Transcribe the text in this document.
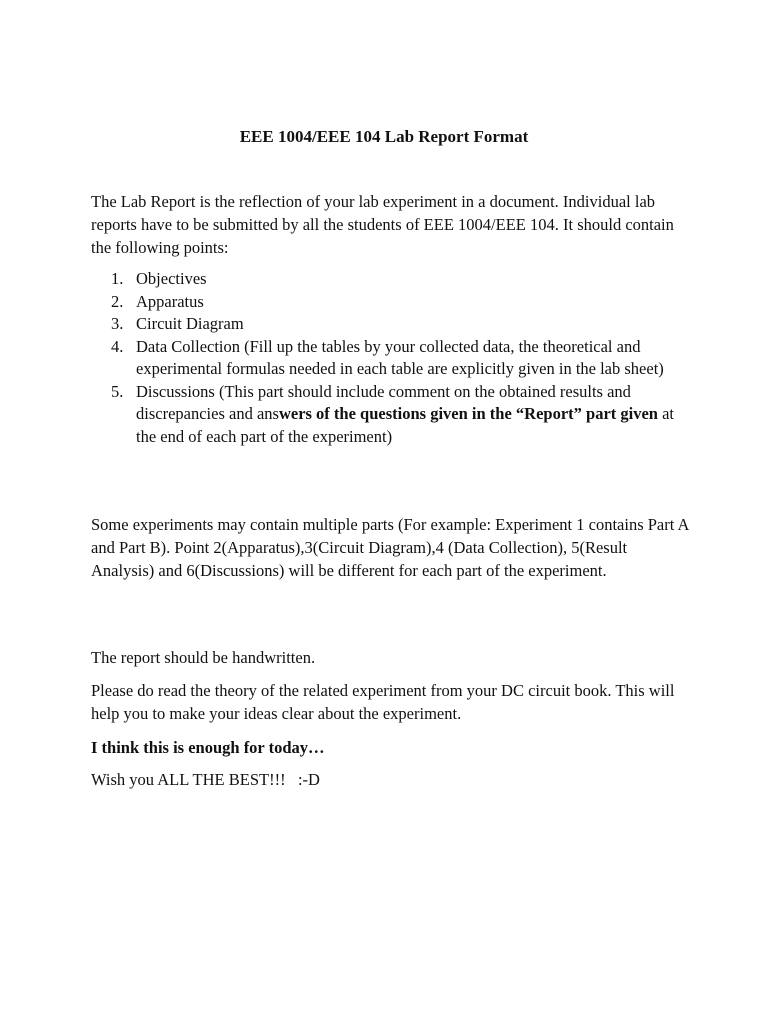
EEE 1004/EEE 104 Lab Report Format

The Lab Report is the reflection of your lab experiment in a document. Individual lab reports have to be submitted by all the students of EEE 1004/EEE 104. It should contain the following points:

1. Objectives
2. Apparatus
3. Circuit Diagram
4. Data Collection (Fill up the tables by your collected data, the theoretical and experimental formulas needed in each table are explicitly given in the lab sheet)
5. Discussions (This part should include comment on the obtained results and discrepancies and answers of the questions given in the “Report” part given at the end of each part of the experiment)

Some experiments may contain multiple parts (For example: Experiment 1 contains Part A and Part B). Point 2(Apparatus),3(Circuit Diagram),4 (Data Collection), 5(Result Analysis) and 6(Discussions) will be different for each part of the experiment.

The report should be handwritten.

Please do read the theory of the related experiment from your DC circuit book. This will help you to make your ideas clear about the experiment.

I think this is enough for today…

Wish you ALL THE BEST!!!   :-D
